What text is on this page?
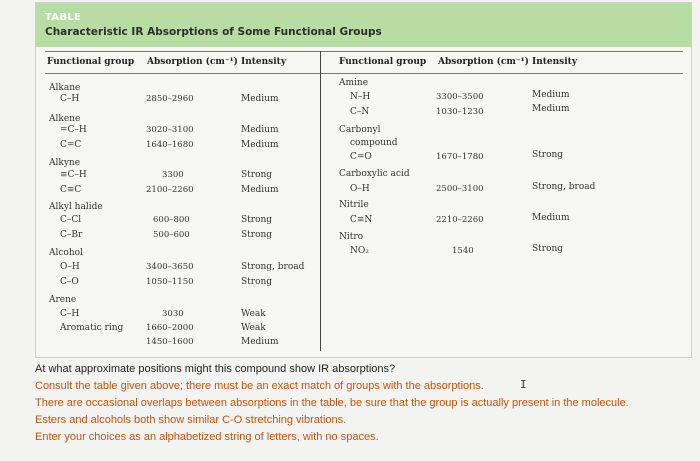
TABLE
Characteristic IR Absorptions of Some Functional Groups
Functional group Absorption (cm⁻¹) Intensity	Functional group Absorption (cm⁻¹) Intensity
Alkane
C–H	2850–2960	Medium
Alkene
=C–H	3020–3100	Medium
C=C	1640–1680	Medium
Alkyne
≡C–H	3300	Strong
C≡C	2100–2260	Medium
Alkyl halide
C–Cl	600–800	Strong
C–Br	500–600	Strong
Alcohol
O–H	3400–3650	Strong, broad
C–O	1050–1150	Strong
Arene
C–H	3030	Weak
Aromatic ring	1660–2000	Weak
1450–1600	Medium
Amine
N–H	3300–3500	Medium
C–N	1030–1230	Medium
Carbonyl
compound
C=O	1670–1780	Strong
Carboxylic acid
O–H	2500–3100	Strong, broad
Nitrile
C≡N	2210–2260	Medium
Nitro
NO₂	1540	Strong
At what approximate positions might this compound show IR absorptions?
Consult the table given above; there must be an exact match of groups with the absorptions.
There are occasional overlaps between absorptions in the table, be sure that the group is actually present in the molecule.
Esters and alcohols both show similar C-O stretching vibrations.
Enter your choices as an alphabetized string of letters, with no spaces.
I
